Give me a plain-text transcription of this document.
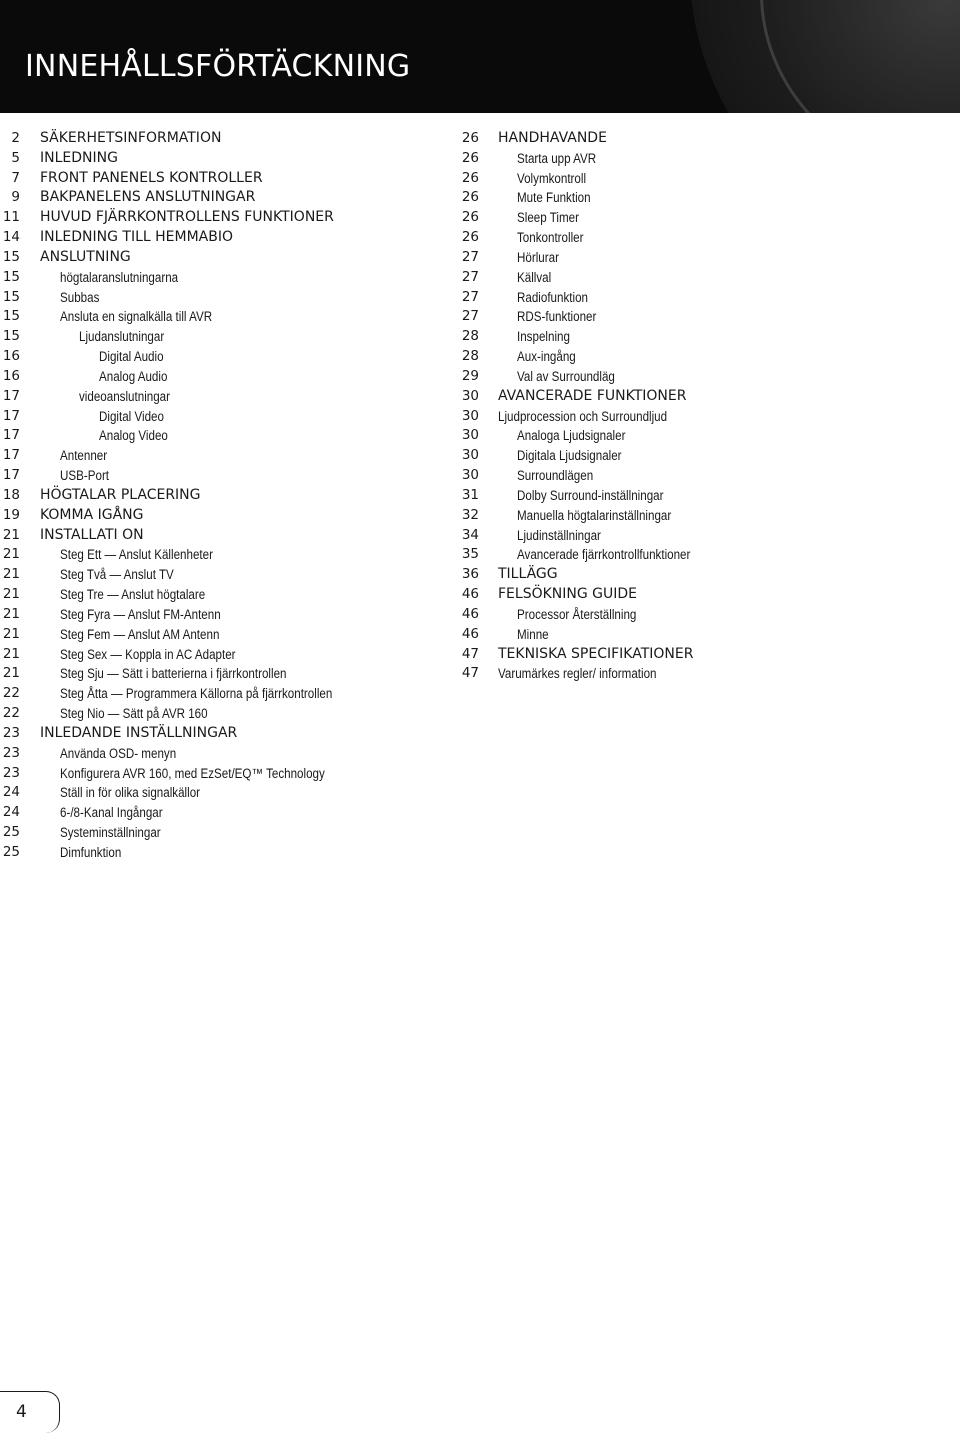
INNEHÅLLSFÖRTÄCKNING
2 SÄKERHETSINFORMATION
5 INLEDNING
7 FRONT PANENELS KONTROLLER
9 BAKPANELENS ANSLUTNINGAR
11 HUVUD FJÄRRKONTROLLENS FUNKTIONER
14 INLEDNING TILL HEMMABIO
15 ANSLUTNING
15	högtalaranslutningarna
15	Subbas
15	Ansluta en signalkälla till AVR
15	Ljudanslutningar
16	Digital Audio
16	Analog Audio
17	videoanslutningar
17	Digital Video
17	Analog Video
17	Antenner
17	USB-Port
18 HÖGTALAR PLACERING
19 KOMMA IGÅNG
21 INSTALLATI ON
21	Steg Ett — Anslut Källenheter
21	Steg Två — Anslut TV
21	Steg Tre — Anslut högtalare
21	Steg Fyra — Anslut FM-Antenn
21	Steg Fem — Anslut AM Antenn
21	Steg Sex — Koppla in AC Adapter
21	Steg Sju — Sätt i batterierna i fjärrkontrollen
22	Steg Åtta — Programmera Källorna på fjärrkontrollen
22	Steg Nio — Sätt på AVR 160
23 INLEDANDE INSTÄLLNINGAR
23	Använda OSD- menyn
23	Konfigurera AVR 160, med EzSet/EQ™ Technology
24	Ställ in för olika signalkällor
24	6-/8-Kanal Ingångar
25	Systeminställningar
25	Dimfunktion
26 HANDHAVANDE
26	Starta upp AVR
26	Volymkontroll
26	Mute Funktion
26	Sleep Timer
26	Tonkontroller
27	Hörlurar
27	Källval
27	Radiofunktion
27	RDS-funktioner
28	Inspelning
28	Aux-ingång
29	Val av Surroundläg
30 AVANCERADE FUNKTIONER
30 Ljudprocession och Surroundljud
30	Analoga Ljudsignaler
30	Digitala Ljudsignaler
30	Surroundlägen
31	Dolby Surround-inställningar
32	Manuella högtalarinställningar
34	Ljudinställningar
35	Avancerade fjärrkontrollfunktioner
36 TILLÄGG
46 FELSÖKNING GUIDE
46	Processor Återställning
46	Minne
47 TEKNISKA SPECIFIKATIONER
47 Varumärkes regler/ information
4
